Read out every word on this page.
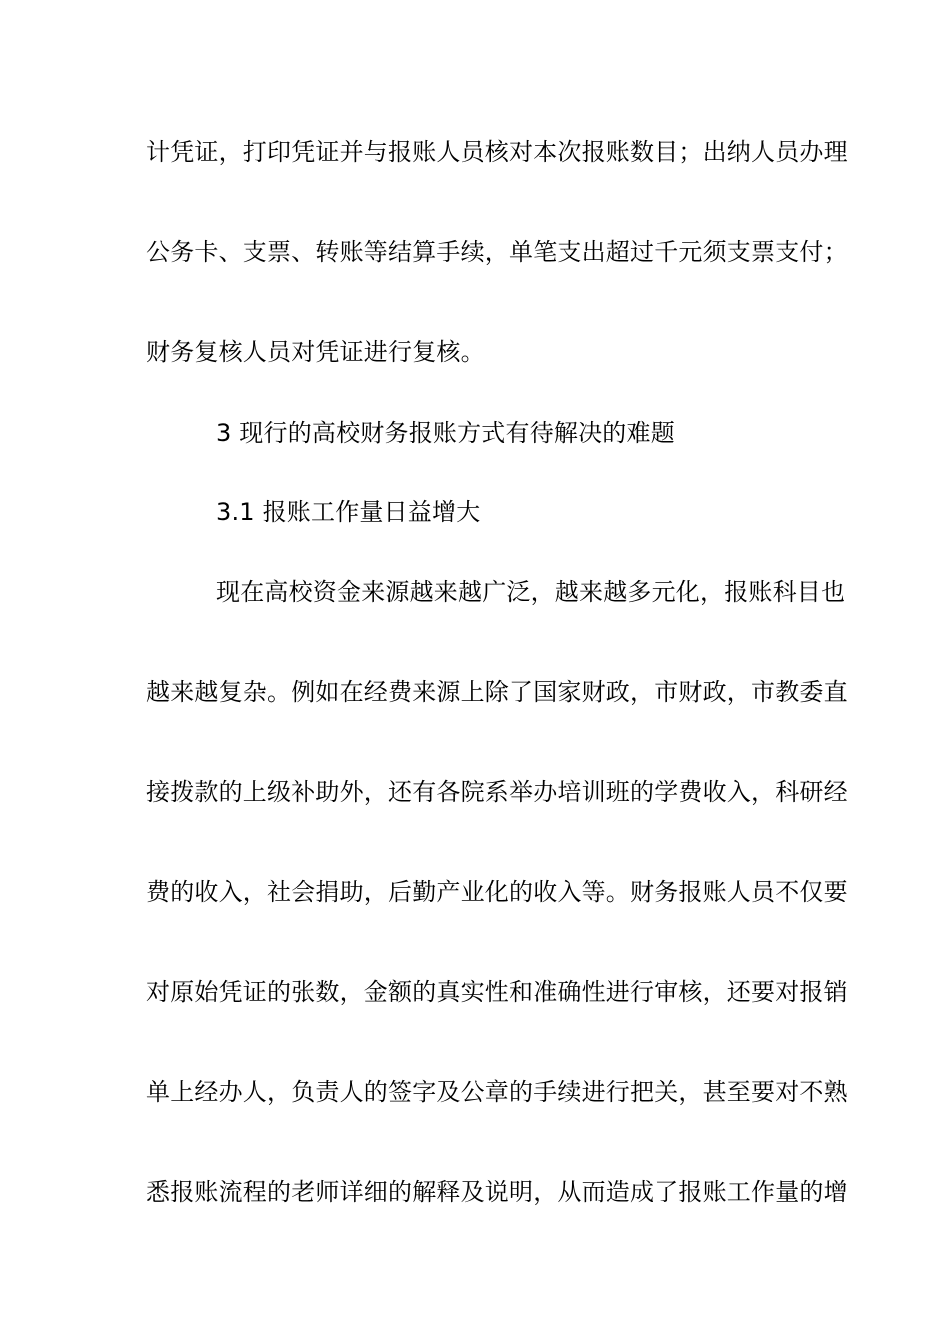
计凭证，打印凭证并与报账人员核对本次报账数目；出纳人员办理
公务卡、支票、转账等结算手续，单笔支出超过千元须支票支付；
财务复核人员对凭证进行复核。
3 现行的高校财务报账方式有待解决的难题
3.1 报账工作量日益增大
现在高校资金来源越来越广泛，越来越多元化，报账科目也
越来越复杂。例如在经费来源上除了国家财政，市财政，市教委直
接拨款的上级补助外，还有各院系举办培训班的学费收入，科研经
费的收入，社会捐助，后勤产业化的收入等。财务报账人员不仅要
对原始凭证的张数，金额的真实性和准确性进行审核，还要对报销
单上经办人，负责人的签字及公章的手续进行把关，甚至要对不熟
悉报账流程的老师详细的解释及说明，从而造成了报账工作量的增
